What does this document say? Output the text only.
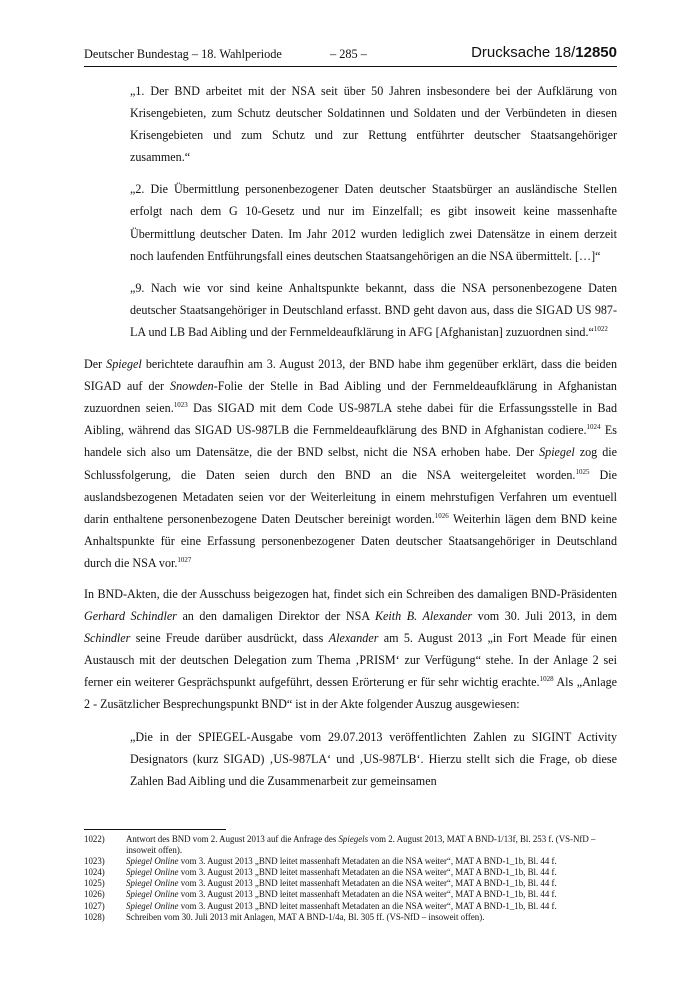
Deutscher Bundestag – 18. Wahlperiode	– 285 –	Drucksache 18/12850
„1. Der BND arbeitet mit der NSA seit über 50 Jahren insbesondere bei der Aufklärung von Krisengebieten, zum Schutz deutscher Soldatinnen und Soldaten und der Verbündeten in diesen Krisengebieten und zum Schutz und zur Rettung entführter deutscher Staatsangehöriger zusammen.“
„2. Die Übermittlung personenbezogener Daten deutscher Staatsbürger an ausländische Stellen erfolgt nach dem G 10-Gesetz und nur im Einzelfall; es gibt insoweit keine massenhafte Übermittlung deutscher Daten. Im Jahr 2012 wurden lediglich zwei Datensätze in einem derzeit noch laufenden Entführungsfall eines deutschen Staatsangehörigen an die NSA übermittelt. […]“
„9. Nach wie vor sind keine Anhaltspunkte bekannt, dass die NSA personenbezogene Daten deutscher Staatsangehöriger in Deutschland erfasst. BND geht davon aus, dass die SIGAD US 987-LA und LB Bad Aibling und der Fernmeldeaufklärung in AFG [Afghanistan] zuzuordnen sind.“$^{1022}$
Der Spiegel berichtete daraufhin am 3. August 2013, der BND habe ihm gegenüber erklärt, dass die beiden SIGAD auf der Snowden-Folie der Stelle in Bad Aibling und der Fernmeldeaufklärung in Afghanistan zuzuordnen seien.$^{1023}$ Das SIGAD mit dem Code US-987LA stehe dabei für die Erfassungsstelle in Bad Aibling, während das SIGAD US-987LB die Fernmeldeaufklärung des BND in Afghanistan codiere.$^{1024}$ Es handele sich also um Datensätze, die der BND selbst, nicht die NSA erhoben habe. Der Spiegel zog die Schlussfolgerung, die Daten seien durch den BND an die NSA weitergeleitet worden.$^{1025}$ Die auslandsbezogenen Metadaten seien vor der Weiterleitung in einem mehrstufigen Verfahren um eventuell darin enthaltene personenbezogene Daten Deutscher bereinigt worden.$^{1026}$ Weiterhin lägen dem BND keine Anhaltspunkte für eine Erfassung personenbezogener Daten deutscher Staatsangehöriger in Deutschland durch die NSA vor.$^{1027}$
In BND-Akten, die der Ausschuss beigezogen hat, findet sich ein Schreiben des damaligen BND-Präsidenten Gerhard Schindler an den damaligen Direktor der NSA Keith B. Alexander vom 30. Juli 2013, in dem Schindler seine Freude darüber ausdrückt, dass Alexander am 5. August 2013 „in Fort Meade für einen Austausch mit der deutschen Delegation zum Thema ‚PRISM‘ zur Verfügung“ stehe. In der Anlage 2 sei ferner ein weiterer Gesprächspunkt aufgeführt, dessen Erörterung er für sehr wichtig erachte.$^{1028}$ Als „Anlage 2 - Zusätzlicher Besprechungspunkt BND“ ist in der Akte folgender Auszug ausgewiesen:
„Die in der SPIEGEL-Ausgabe vom 29.07.2013 veröffentlichten Zahlen zu SIGINT Activity Designators (kurz SIGAD) ‚US-987LA‘ und ‚US-987LB‘. Hierzu stellt sich die Frage, ob diese Zahlen Bad Aibling und die Zusammenarbeit zur gemeinsamen
1022)	Antwort des BND vom 2. August 2013 auf die Anfrage des Spiegels vom 2. August 2013, MAT A BND-1/13f, Bl. 253 f. (VS-NfD – insoweit offen).
1023)	Spiegel Online vom 3. August 2013 „BND leitet massenhaft Metadaten an die NSA weiter“, MAT A BND-1_1b, Bl. 44 f.
1024)	Spiegel Online vom 3. August 2013 „BND leitet massenhaft Metadaten an die NSA weiter“, MAT A BND-1_1b, Bl. 44 f.
1025)	Spiegel Online vom 3. August 2013 „BND leitet massenhaft Metadaten an die NSA weiter“, MAT A BND-1_1b, Bl. 44 f.
1026)	Spiegel Online vom 3. August 2013 „BND leitet massenhaft Metadaten an die NSA weiter“, MAT A BND-1_1b, Bl. 44 f.
1027)	Spiegel Online vom 3. August 2013 „BND leitet massenhaft Metadaten an die NSA weiter“, MAT A BND-1_1b, Bl. 44 f.
1028)	Schreiben vom 30. Juli 2013 mit Anlagen, MAT A BND-1/4a, Bl. 305 ff. (VS-NfD – insoweit offen).
